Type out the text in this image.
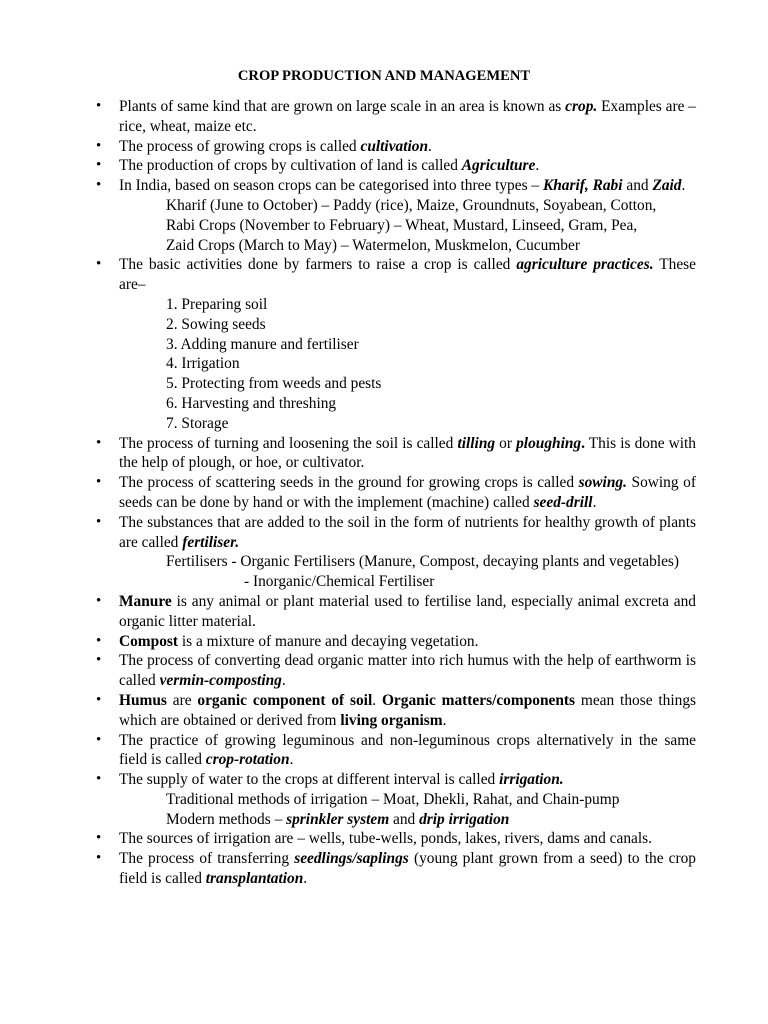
CROP PRODUCTION AND MANAGEMENT
• Plants of same kind that are grown on large scale in an area is known as crop. Examples are – rice, wheat, maize etc.
• The process of growing crops is called cultivation.
• The production of crops by cultivation of land is called Agriculture.
• In India, based on season crops can be categorised into three types – Kharif, Rabi and Zaid.
Kharif (June to October) – Paddy (rice), Maize, Groundnuts, Soyabean, Cotton,
Rabi Crops (November to February) – Wheat, Mustard, Linseed, Gram, Pea,
Zaid Crops (March to May) – Watermelon, Muskmelon, Cucumber
• The basic activities done by farmers to raise a crop is called agriculture practices. These are–
1. Preparing soil
2. Sowing seeds
3. Adding manure and fertiliser
4. Irrigation
5. Protecting from weeds and pests
6. Harvesting and threshing
7. Storage
• The process of turning and loosening the soil is called tilling or ploughing. This is done with the help of plough, or hoe, or cultivator.
• The process of scattering seeds in the ground for growing crops is called sowing. Sowing of seeds can be done by hand or with the implement (machine) called seed-drill.
• The substances that are added to the soil in the form of nutrients for healthy growth of plants are called fertiliser.
Fertilisers - Organic Fertilisers (Manure, Compost, decaying plants and vegetables)
- Inorganic/Chemical Fertiliser
• Manure is any animal or plant material used to fertilise land, especially animal excreta and organic litter material.
• Compost is a mixture of manure and decaying vegetation.
• The process of converting dead organic matter into rich humus with the help of earthworm is called vermin-composting.
• Humus are organic component of soil. Organic matters/components mean those things which are obtained or derived from living organism.
• The practice of growing leguminous and non-leguminous crops alternatively in the same field is called crop-rotation.
• The supply of water to the crops at different interval is called irrigation.
Traditional methods of irrigation – Moat, Dhekli, Rahat, and Chain-pump
Modern methods – sprinkler system and drip irrigation
• The sources of irrigation are – wells, tube-wells, ponds, lakes, rivers, dams and canals.
• The process of transferring seedlings/saplings (young plant grown from a seed) to the crop field is called transplantation.
